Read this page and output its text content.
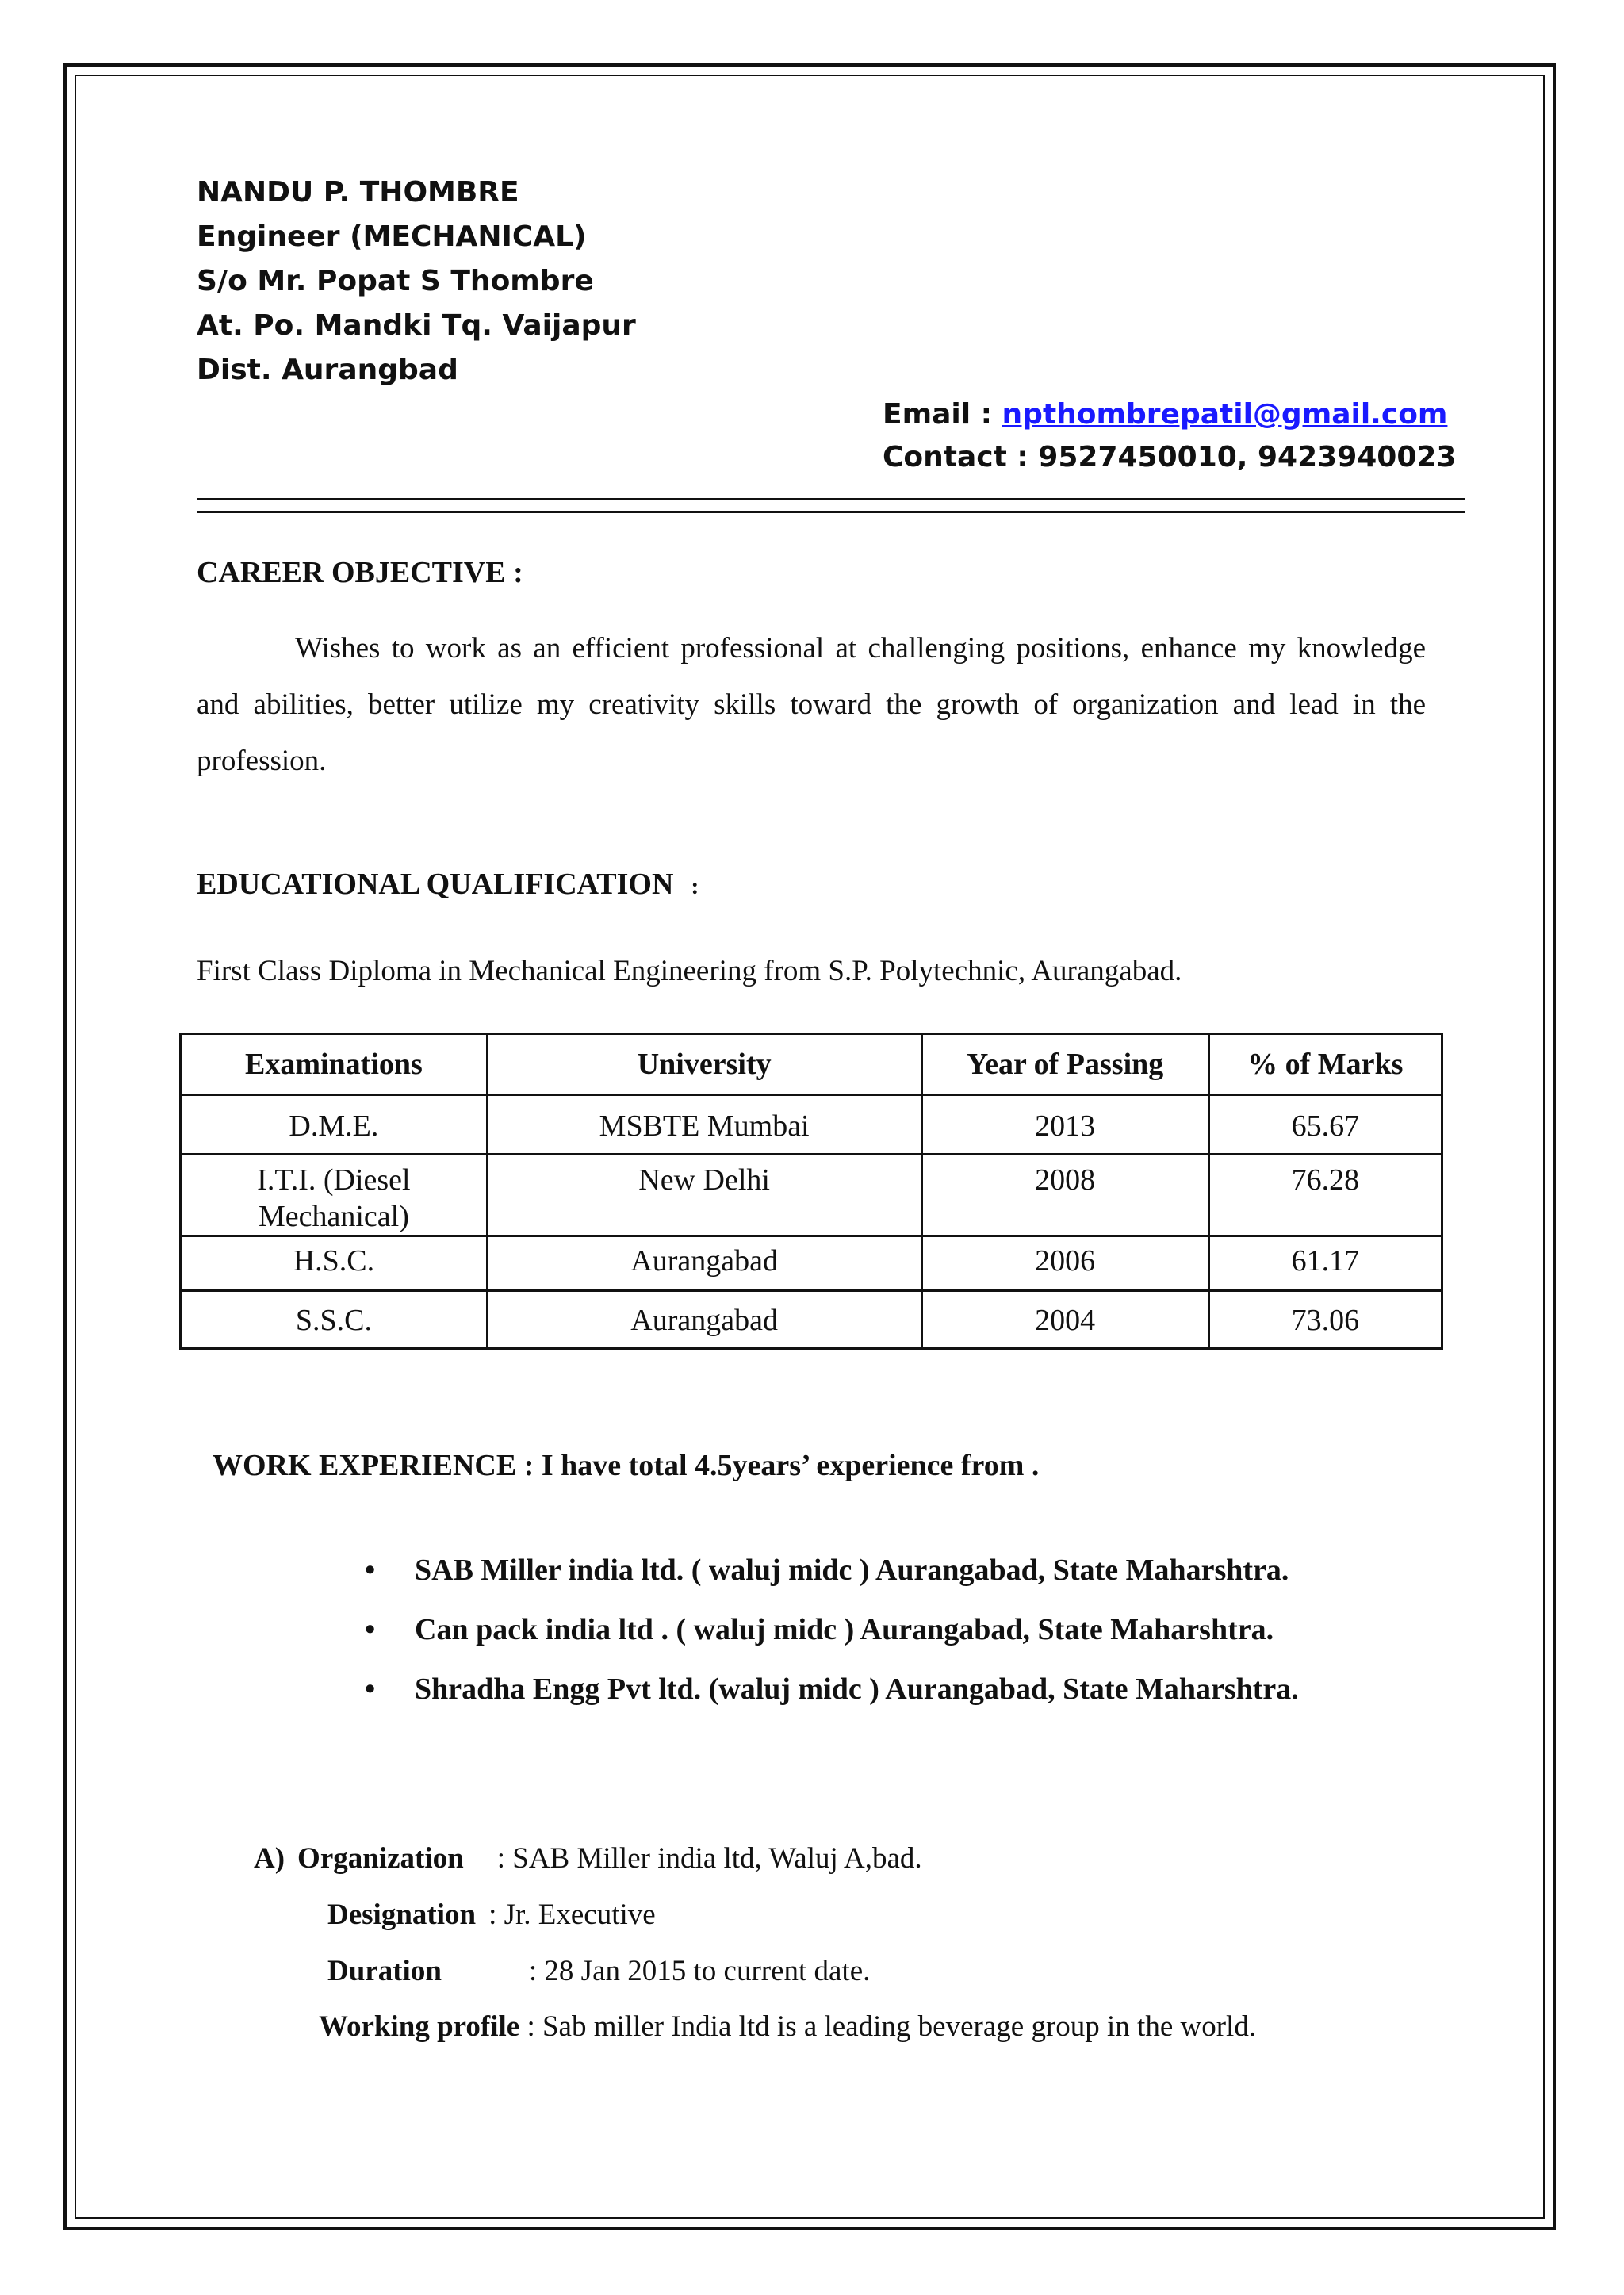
NANDU P. THOMBRE
Engineer (MECHANICAL)
S/o Mr. Popat S Thombre
At. Po. Mandki Tq. Vaijapur
Dist. Aurangbad
Email : npthombrepatil@gmail.com
Contact : 9527450010, 9423940023
CAREER OBJECTIVE :

Wishes to work as an efficient professional at challenging positions, enhance my knowledge and abilities, better utilize my creativity skills toward the growth of organization and lead in the profession.

EDUCATIONAL QUALIFICATION :
First Class Diploma in Mechanical Engineering from S.P. Polytechnic, Aurangabad.
Examinations	University	Year of Passing	% of Marks
D.M.E.	MSBTE Mumbai	2013	65.67
I.T.I. (Diesel Mechanical)	New Delhi	2008	76.28
H.S.C.	Aurangabad	2006	61.17
S.S.C.	Aurangabad	2004	73.06
WORK EXPERIENCE : I have total 4.5years’ experience from .
• SAB Miller india ltd. ( waluj midc ) Aurangabad, State Maharshtra.
• Can pack india ltd . ( waluj midc ) Aurangabad, State Maharshtra.
• Shradha Engg Pvt ltd. (waluj midc ) Aurangabad, State Maharshtra.
A) Organization : SAB Miller india ltd, Waluj A,bad.
Designation : Jr. Executive
Duration	: 28 Jan 2015 to current date.
Working profile : Sab miller India ltd is a leading beverage group in the world.
